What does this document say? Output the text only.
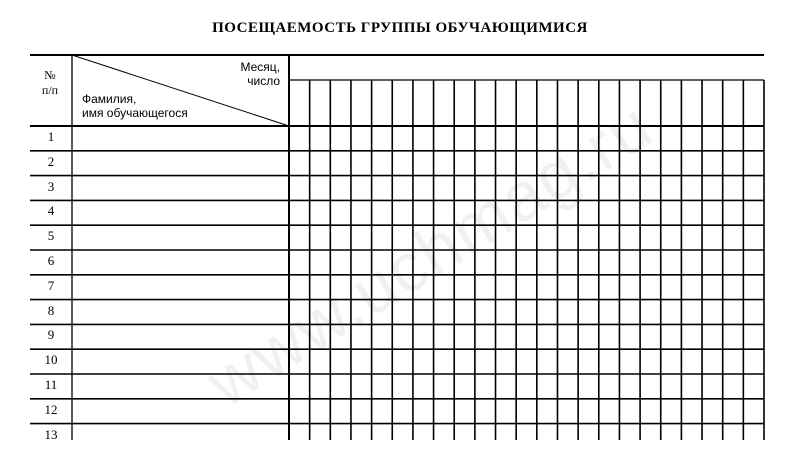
ПОСЕЩАЕМОСТЬ ГРУППЫ ОБУЧАЮЩИМИСЯ
№
п/п
Месяц,
число
Фамилия,
имя обучающегося
1
2
3
4
5
6
7
8
9
10
11
12
13
www.uchmag.ru
